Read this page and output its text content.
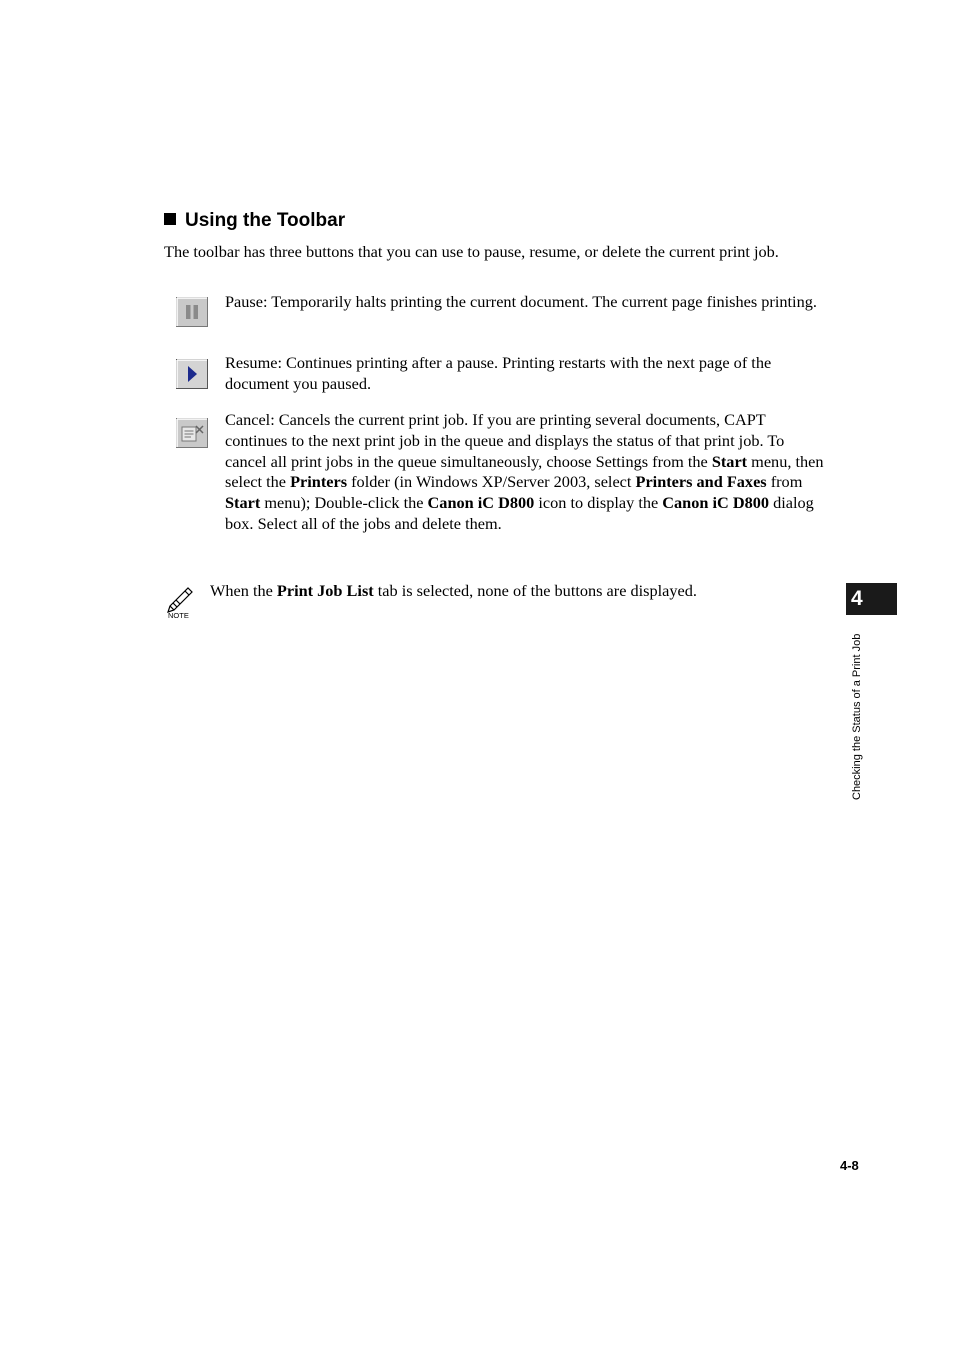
Using the Toolbar

The toolbar has three buttons that you can use to pause, resume, or delete the current print job.

Pause: Temporarily halts printing the current document. The current page finishes printing.

Resume: Continues printing after a pause. Printing restarts with the next page of the document you paused.

Cancel: Cancels the current print job. If you are printing several documents, CAPT continues to the next print job in the queue and displays the status of that print job. To cancel all print jobs in the queue simultaneously, choose Settings from the Start menu, then select the Printers folder (in Windows XP/Server 2003, select Printers and Faxes from Start menu); Double-click the Canon iC D800 icon to display the Canon iC D800 dialog box. Select all of the jobs and delete them.

NOTE

When the Print Job List tab is selected, none of the buttons are displayed.	4
Checking the Status of a Print Job
4-8
